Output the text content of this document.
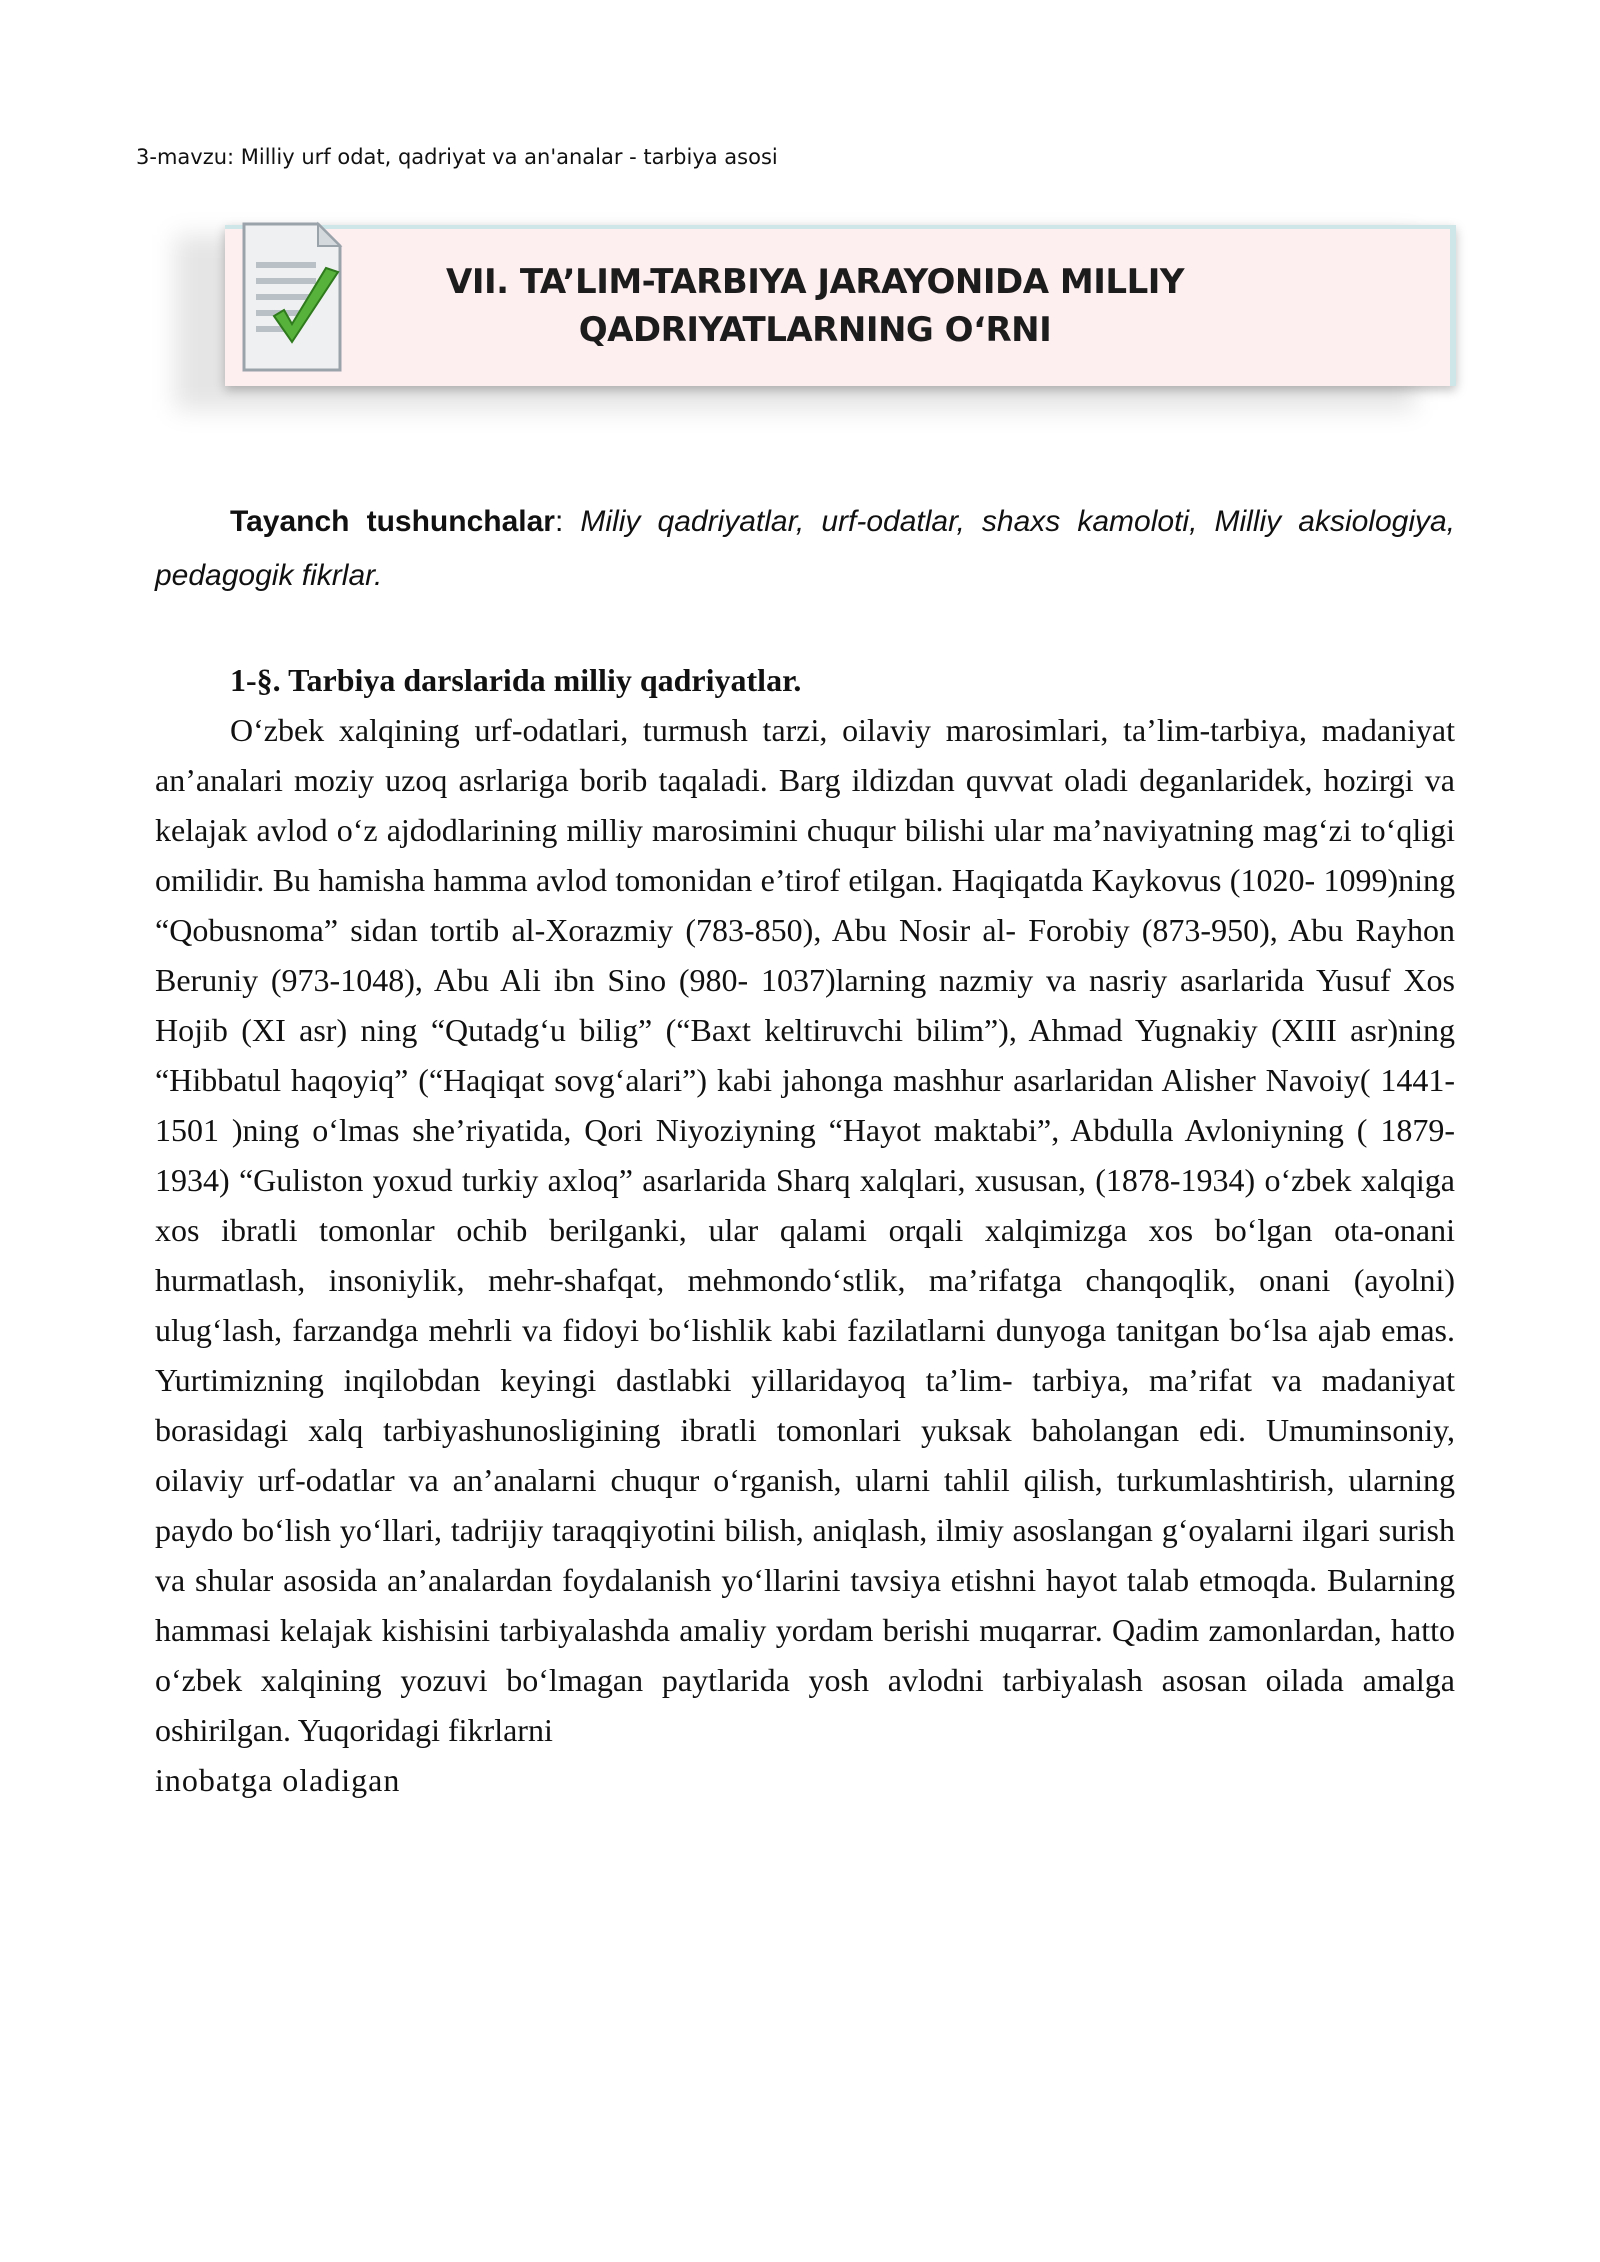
3-mavzu: Milliy urf odat, qadriyat va an'analar - tarbiya asosi
VII. TA’LIM-TARBIYA JARAYONIDA MILLIY
QADRIYATLARNING O‘RNI
Tayanch tushunchalar: Miliy qadriyatlar, urf-odatlar, shaxs kamoloti, Milliy aksiologiya, pedagogik fikrlar.
1-§. Tarbiya darslarida milliy qadriyatlar.

O‘zbek xalqining urf-odatlari, turmush tarzi, oilaviy marosimlari, ta’lim-tarbiya, madaniyat an’analari moziy uzoq asrlariga borib taqaladi. Barg ildizdan quvvat oladi deganlaridek, hozirgi va kelajak avlod o‘z ajdodlarining milliy marosimini chuqur bilishi ular ma’naviyatning mag‘zi to‘qligi omilidir. Bu hamisha hamma avlod tomonidan e’tirof etilgan. Haqiqatda Kaykovus (1020- 1099)ning “Qobusnoma” sidan tortib al-Xorazmiy (783-850), Abu Nosir al- Forobiy (873-950), Abu Rayhon Beruniy (973-1048), Abu Ali ibn Sino (980- 1037)larning nazmiy va nasriy asarlarida Yusuf Xos Hojib (XI asr) ning “Qutadg‘u bilig” (“Baxt keltiruvchi bilim”), Ahmad Yugnakiy (XIII asr)ning “Hibbatul haqoyiq” (“Haqiqat sovg‘alari”) kabi jahonga mashhur asarlaridan Alisher Navoiy( 1441-1501 )ning o‘lmas she’riyatida, Qori Niyoziyning “Hayot maktabi”, Abdulla Avloniyning ( 1879-1934) “Guliston yoxud turkiy axloq” asarlarida Sharq xalqlari, xususan, (1878-1934) o‘zbek xalqiga xos ibratli tomonlar ochib berilganki, ular qalami orqali xalqimizga xos bo‘lgan ota-onani hurmatlash, insoniylik, mehr-shafqat, mehmondo‘stlik, ma’rifatga chanqoqlik, onani (ayolni) ulug‘lash, farzandga mehrli va fidoyi bo‘lishlik kabi fazilatlarni dunyoga tanitgan bo‘lsa ajab emas. Yurtimizning inqilobdan keyingi dastlabki yillaridayoq ta’lim- tarbiya, ma’rifat va madaniyat borasidagi xalq tarbiyashunosligining ibratli tomonlari yuksak baholangan edi. Umuminsoniy, oilaviy urf-odatlar va an’analarni chuqur o‘rganish, ularni tahlil qilish, turkumlashtirish, ularning paydo bo‘lish yo‘llari, tadrijiy taraqqiyotini bilish, aniqlash, ilmiy asoslangan g‘oyalarni ilgari surish va shular asosida an’analardan foydalanish yo‘llarini tavsiya etishni hayot talab etmoqda. Bularning hammasi kelajak kishisini tarbiyalashda amaliy yordam berishi muqarrar. Qadim zamonlardan, hatto o‘zbek xalqining yozuvi bo‘lmagan paytlarida yosh avlodni tarbiyalash asosan oilada amalga oshirilgan. Yuqoridagi fikrlarni
inobatga oladigan
